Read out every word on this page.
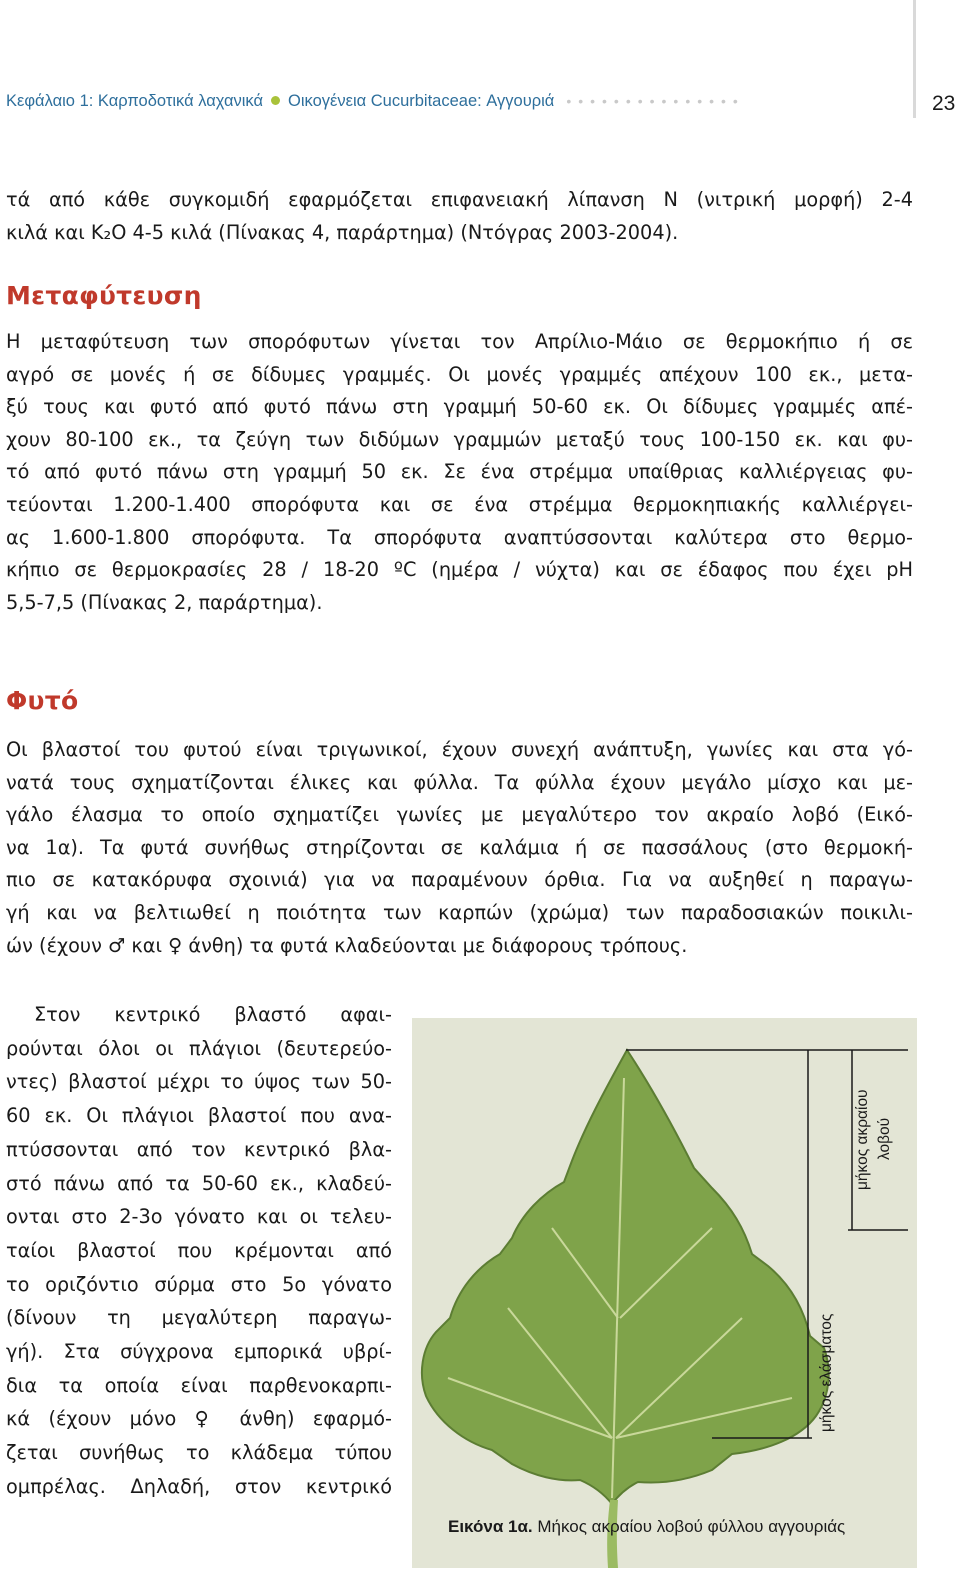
Κεφάλαιο 1: Καρποδοτικά λαχανικά Οικογένεια Cucurbitaceae: Αγγουριά •••••••••••••••	23
τά από κάθε συγκομιδή εφαρμόζεται επιφανειακή λίπανση N (νιτρική μορφή) 2-4
κιλά και K₂O 4-5 κιλά (Πίνακας 4, παράρτημα) (Ντόγρας 2003-2004).
Μεταφύτευση
Η μεταφύτευση των σπορόφυτων γίνεται τον Απρίλιο-Μάιο σε θερμοκήπιο ή σε
αγρό σε μονές ή σε δίδυμες γραμμές. Οι μονές γραμμές απέχουν 100 εκ., μετα-
ξύ τους και φυτό από φυτό πάνω στη γραμμή 50-60 εκ. Οι δίδυμες γραμμές απέ-
χουν 80-100 εκ., τα ζεύγη των διδύμων γραμμών μεταξύ τους 100-150 εκ. και φυ-
τό από φυτό πάνω στη γραμμή 50 εκ. Σε ένα στρέμμα υπαίθριας καλλιέργειας φυ-
τεύονται 1.200-1.400 σπορόφυτα και σε ένα στρέμμα θερμοκηπιακής καλλιέργει-
ας 1.600-1.800 σπορόφυτα. Τα σπορόφυτα αναπτύσσονται καλύτερα στο θερμο-
κήπιο σε θερμοκρασίες 28 / 18-20 ºC (ημέρα / νύχτα) και σε έδαφος που έχει pH
5,5-7,5 (Πίνακας 2, παράρτημα).
Φυτό
Οι βλαστοί του φυτού είναι τριγωνικοί, έχουν συνεχή ανάπτυξη, γωνίες και στα γό-
νατά τους σχηματίζονται έλικες και φύλλα. Τα φύλλα έχουν μεγάλο μίσχο και με-
γάλο έλασμα το οποίο σχηματίζει γωνίες με μεγαλύτερο τον ακραίο λοβό (Εικό-
να 1α). Τα φυτά συνήθως στηρίζονται σε καλάμια ή σε πασσάλους (στο θερμοκή-
πιο σε κατακόρυφα σχοινιά) για να παραμένουν όρθια. Για να αυξηθεί η παραγω-
γή και να βελτιωθεί η ποιότητα των καρπών (χρώμα) των παραδοσιακών ποικιλι-
ών (έχουν ♂ και ♀ άνθη) τα φυτά κλαδεύονται με διάφορους τρόπους.
Στον κεντρικό βλαστό αφαι-
ρούνται όλοι οι πλάγιοι (δευτερεύο-
ντες) βλαστοί μέχρι το ύψος των 50-
60 εκ. Οι πλάγιοι βλαστοί που ανα-
πτύσσονται από τον κεντρικό βλα-
στό πάνω από τα 50-60 εκ., κλαδεύ-
ονται στο 2-3ο γόνατο και οι τελευ-
ταίοι βλαστοί που κρέμονται από
το οριζόντιο σύρμα στο 5ο γόνατο
(δίνουν τη μεγαλύτερη παραγω-
γή). Στα σύγχρονα εμπορικά υβρί-
δια τα οποία είναι παρθενοκαρπι-
κά (έχουν μόνο ♀ άνθη) εφαρμό-
ζεται συνήθως το κλάδεμα τύπου
ομπρέλας. Δηλαδή, στον κεντρικό
μήκος ακραίου λοβού
μήκος ελάσματος
Εικόνα 1α. Μήκος ακραίου λοβού φύλλου αγγουριάς
